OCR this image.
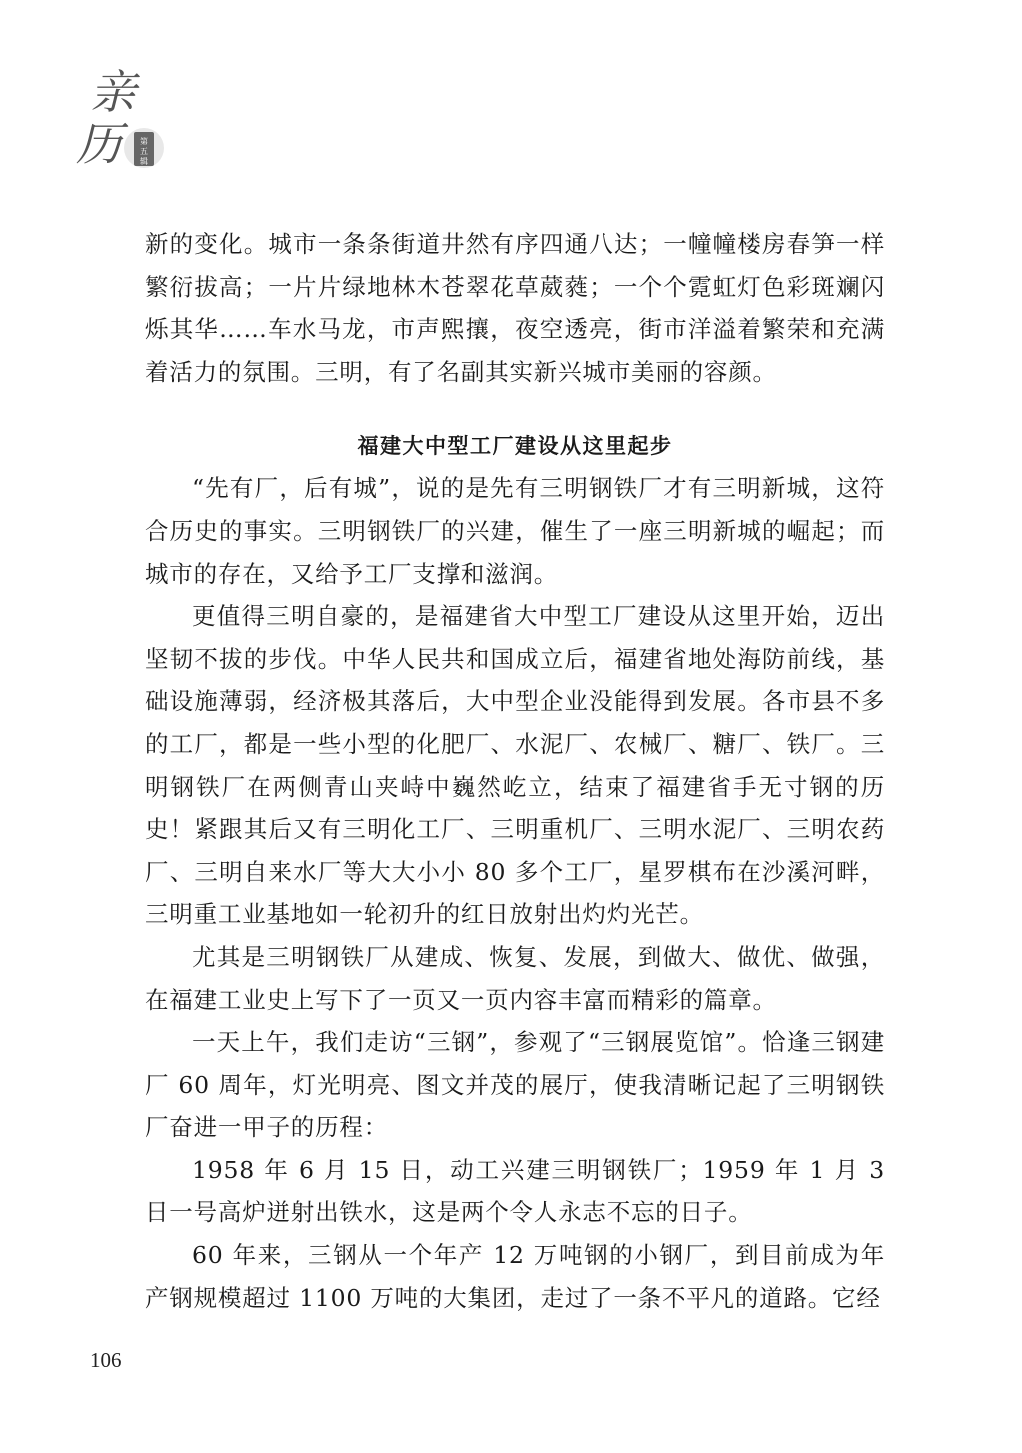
亲
历	第
五
辑

新的变化。城市一条条街道井然有序四通八达；一幢幢楼房春笋一样繁衍拔高；一片片绿地林木苍翠花草葳蕤；一个个霓虹灯色彩斑斓闪烁其华……车水马龙，市声熙攘，夜空透亮，街市洋溢着繁荣和充满着活力的氛围。三明，有了名副其实新兴城市美丽的容颜。

福建大中型工厂建设从这里起步

“先有厂，后有城”，说的是先有三明钢铁厂才有三明新城，这符合历史的事实。三明钢铁厂的兴建，催生了一座三明新城的崛起；而城市的存在，又给予工厂支撑和滋润。

更值得三明自豪的，是福建省大中型工厂建设从这里开始，迈出坚韧不拔的步伐。中华人民共和国成立后，福建省地处海防前线，基础设施薄弱，经济极其落后，大中型企业没能得到发展。各市县不多的工厂，都是一些小型的化肥厂、水泥厂、农械厂、糖厂、铁厂。三明钢铁厂在两侧青山夹峙中巍然屹立，结束了福建省手无寸钢的历史！紧跟其后又有三明化工厂、三明重机厂、三明水泥厂、三明农药厂、三明自来水厂等大大小小 80 多个工厂，星罗棋布在沙溪河畔，三明重工业基地如一轮初升的红日放射出灼灼光芒。

尤其是三明钢铁厂从建成、恢复、发展，到做大、做优、做强，在福建工业史上写下了一页又一页内容丰富而精彩的篇章。

一天上午，我们走访“三钢”，参观了“三钢展览馆”。恰逢三钢建厂 60 周年，灯光明亮、图文并茂的展厅，使我清晰记起了三明钢铁厂奋进一甲子的历程：

1958 年 6 月 15 日，动工兴建三明钢铁厂；1959 年 1 月 3 日一号高炉迸射出铁水，这是两个令人永志不忘的日子。

60 年来，三钢从一个年产 12 万吨钢的小钢厂，到目前成为年产钢规模超过 1100 万吨的大集团，走过了一条不平凡的道路。它经

106
